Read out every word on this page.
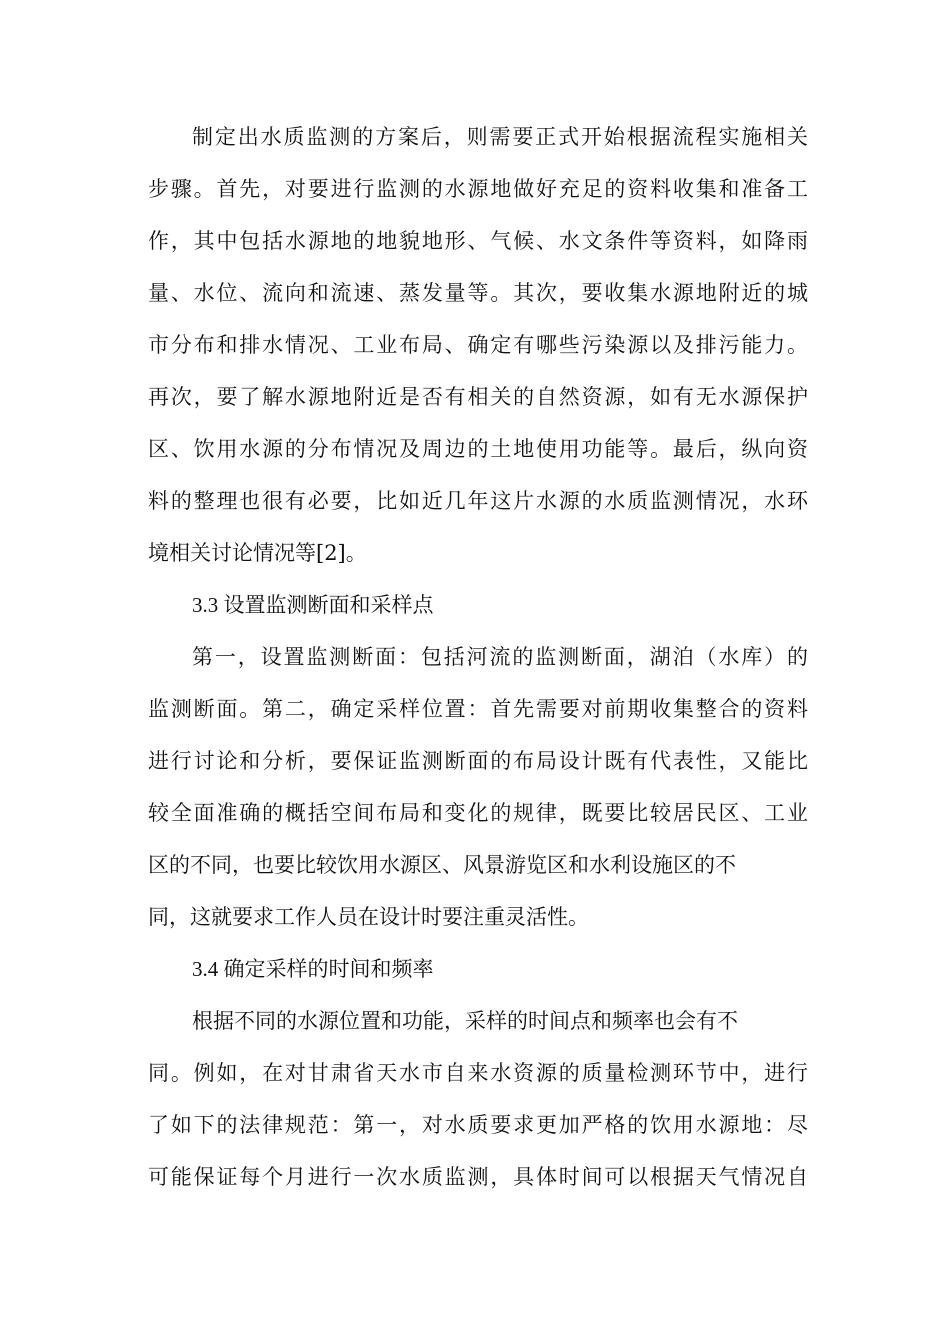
制定出水质监测的方案后，则需要正式开始根据流程实施相关
步骤。首先，对要进行监测的水源地做好充足的资料收集和准备工
作，其中包括水源地的地貌地形、气候、水文条件等资料，如降雨
量、水位、流向和流速、蒸发量等。其次，要收集水源地附近的城
市分布和排水情况、工业布局、确定有哪些污染源以及排污能力。
再次，要了解水源地附近是否有相关的自然资源，如有无水源保护
区、饮用水源的分布情况及周边的土地使用功能等。最后，纵向资
料的整理也很有必要，比如近几年这片水源的水质监测情况，水环
境相关讨论情况等[2]。
3.3 设置监测断面和采样点
第一，设置监测断面：包括河流的监测断面，湖泊（水库）的
监测断面。第二，确定采样位置：首先需要对前期收集整合的资料
进行讨论和分析，要保证监测断面的布局设计既有代表性，又能比
较全面准确的概括空间布局和变化的规律，既要比较居民区、工业
区的不同，也要比较饮用水源区、风景游览区和水利设施区的不
同，这就要求工作人员在设计时要注重灵活性。
3.4 确定采样的时间和频率
根据不同的水源位置和功能，采样的时间点和频率也会有不
同。例如，在对甘肃省天水市自来水资源的质量检测环节中，进行
了如下的法律规范：第一，对水质要求更加严格的饮用水源地：尽
可能保证每个月进行一次水质监测，具体时间可以根据天气情况自
